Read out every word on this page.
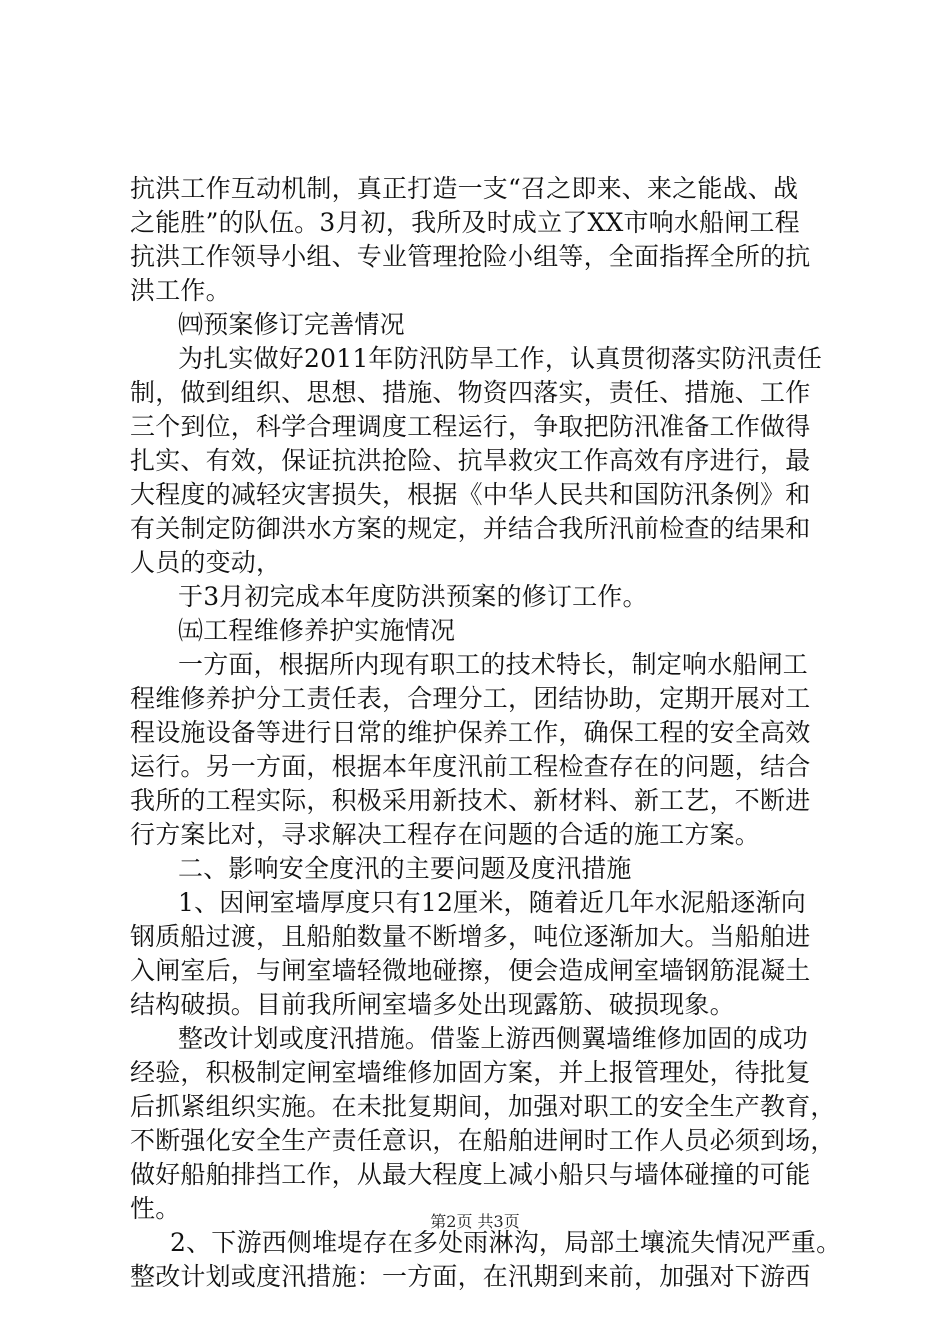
抗洪工作互动机制，真正打造一支“召之即来、来之能战、战
之能胜”的队伍。3月初，我所及时成立了XX市响水船闸工程
抗洪工作领导小组、专业管理抢险小组等，全面指挥全所的抗
洪工作。
㈣预案修订完善情况
为扎实做好2011年防汛防旱工作，认真贯彻落实防汛责任
制，做到组织、思想、措施、物资四落实，责任、措施、工作
三个到位，科学合理调度工程运行，争取把防汛准备工作做得
扎实、有效，保证抗洪抢险、抗旱救灾工作高效有序进行，最
大程度的减轻灾害损失，根据《中华人民共和国防汛条例》和
有关制定防御洪水方案的规定，并结合我所汛前检查的结果和
人员的变动，
于3月初完成本年度防洪预案的修订工作。
㈤工程维修养护实施情况
一方面，根据所内现有职工的技术特长，制定响水船闸工
程维修养护分工责任表，合理分工，团结协助，定期开展对工
程设施设备等进行日常的维护保养工作，确保工程的安全高效
运行。另一方面，根据本年度汛前工程检查存在的问题，结合
我所的工程实际，积极采用新技术、新材料、新工艺，不断进
行方案比对，寻求解决工程存在问题的合适的施工方案。
二、影响安全度汛的主要问题及度汛措施
1、因闸室墙厚度只有12厘米，随着近几年水泥船逐渐向
钢质船过渡，且船舶数量不断增多，吨位逐渐加大。当船舶进
入闸室后，与闸室墙轻微地碰擦，便会造成闸室墙钢筋混凝土
结构破损。目前我所闸室墙多处出现露筋、破损现象。
整改计划或度汛措施。借鉴上游西侧翼墙维修加固的成功
经验，积极制定闸室墙维修加固方案，并上报管理处，待批复
后抓紧组织实施。在未批复期间，加强对职工的安全生产教育，
不断强化安全生产责任意识，在船舶进闸时工作人员必须到场，
做好船舶排挡工作，从最大程度上减小船只与墙体碰撞的可能
性。
2、下游西侧堆堤存在多处雨淋沟，局部土壤流失情况严重。
整改计划或度汛措施：一方面，在汛期到来前，加强对下游西
第2页 共3页
